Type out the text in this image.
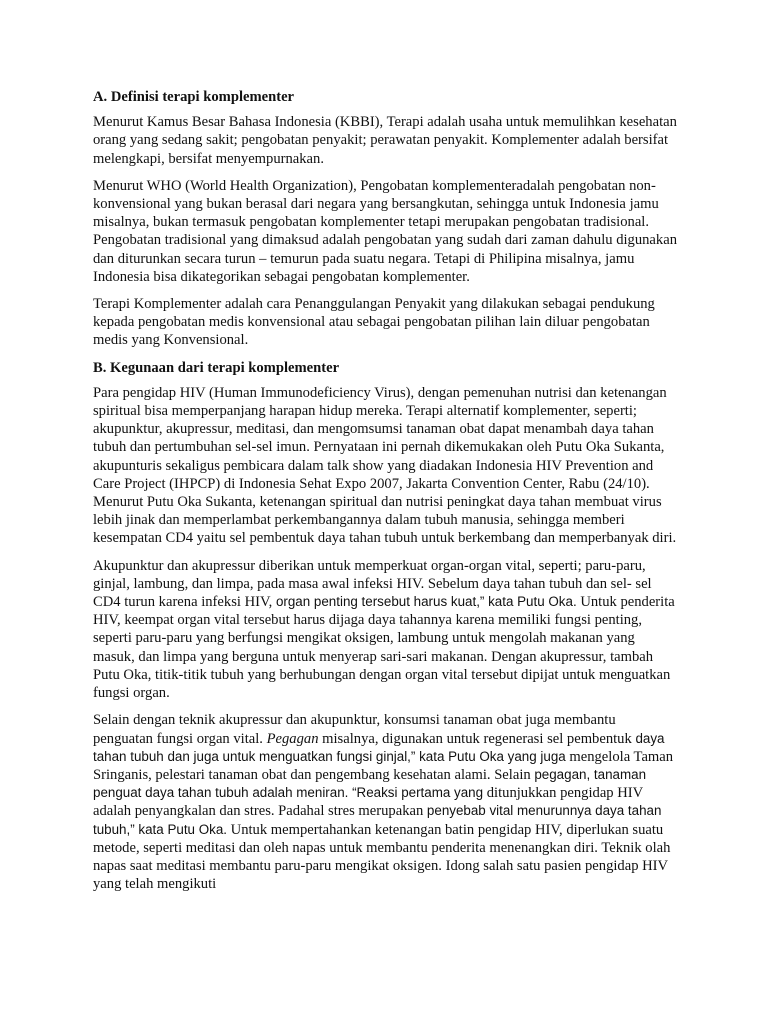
A. Definisi terapi komplementer

Menurut Kamus Besar Bahasa Indonesia (KBBI), Terapi adalah usaha untuk memulihkan kesehatan orang yang sedang sakit; pengobatan penyakit; perawatan penyakit. Komplementer adalah bersifat melengkapi, bersifat menyempurnakan.

Menurut WHO (World Health Organization), Pengobatan komplementeradalah pengobatan non-konvensional yang bukan berasal dari negara yang bersangkutan, sehingga untuk Indonesia jamu misalnya, bukan termasuk pengobatan komplementer tetapi merupakan pengobatan tradisional. Pengobatan tradisional yang dimaksud adalah pengobatan yang sudah dari zaman dahulu digunakan dan diturunkan secara turun – temurun pada suatu negara. Tetapi di Philipina misalnya, jamu Indonesia bisa dikategorikan sebagai pengobatan komplementer.

Terapi Komplementer adalah cara Penanggulangan Penyakit yang dilakukan sebagai pendukung kepada pengobatan medis konvensional atau sebagai pengobatan pilihan lain diluar pengobatan medis yang Konvensional.

B. Kegunaan dari terapi komplementer

Para pengidap HIV (Human Immunodeficiency Virus), dengan pemenuhan nutrisi dan ketenangan spiritual bisa memperpanjang harapan hidup mereka. Terapi alternatif komplementer, seperti; akupunktur, akupressur, meditasi, dan mengomsumsi tanaman obat dapat menambah daya tahan tubuh dan pertumbuhan sel-sel imun. Pernyataan ini pernah dikemukakan oleh Putu Oka Sukanta, akupunturis sekaligus pembicara dalam talk show yang diadakan Indonesia HIV Prevention and Care Project (IHPCP) di Indonesia Sehat Expo 2007, Jakarta Convention Center, Rabu (24/10). Menurut Putu Oka Sukanta, ketenangan spiritual dan nutrisi peningkat daya tahan membuat virus lebih jinak dan memperlambat perkembangannya dalam tubuh manusia, sehingga memberi kesempatan CD4 yaitu sel pembentuk daya tahan tubuh untuk berkembang dan memperbanyak diri.

Akupunktur dan akupressur diberikan untuk memperkuat organ-organ vital, seperti; paru-paru, ginjal, lambung, dan limpa, pada masa awal infeksi HIV. Sebelum daya tahan tubuh dan sel- sel CD4 turun karena infeksi HIV, organ penting tersebut harus kuat,” kata Putu Oka. Untuk penderita HIV, keempat organ vital tersebut harus dijaga daya tahannya karena memiliki fungsi penting, seperti paru-paru yang berfungsi mengikat oksigen, lambung untuk mengolah makanan yang masuk, dan limpa yang berguna untuk menyerap sari-sari makanan. Dengan akupressur, tambah Putu Oka, titik-titik tubuh yang berhubungan dengan organ vital tersebut dipijat untuk menguatkan fungsi organ.

Selain dengan teknik akupressur dan akupunktur, konsumsi tanaman obat juga membantu penguatan fungsi organ vital. Pegagan misalnya, digunakan untuk regenerasi sel pembentuk daya tahan tubuh dan juga untuk menguatkan fungsi ginjal,” kata Putu Oka yang juga mengelola Taman Sringanis, pelestari tanaman obat dan pengembang kesehatan alami. Selain pegagan, tanaman penguat daya tahan tubuh adalah meniran. “Reaksi pertama yang ditunjukkan pengidap HIV adalah penyangkalan dan stres. Padahal stres merupakan penyebab vital menurunnya daya tahan tubuh,” kata Putu Oka. Untuk mempertahankan ketenangan batin pengidap HIV, diperlukan suatu metode, seperti meditasi dan oleh napas untuk membantu penderita menenangkan diri. Teknik olah napas saat meditasi membantu paru-paru mengikat oksigen. Idong salah satu pasien pengidap HIV yang telah mengikuti
